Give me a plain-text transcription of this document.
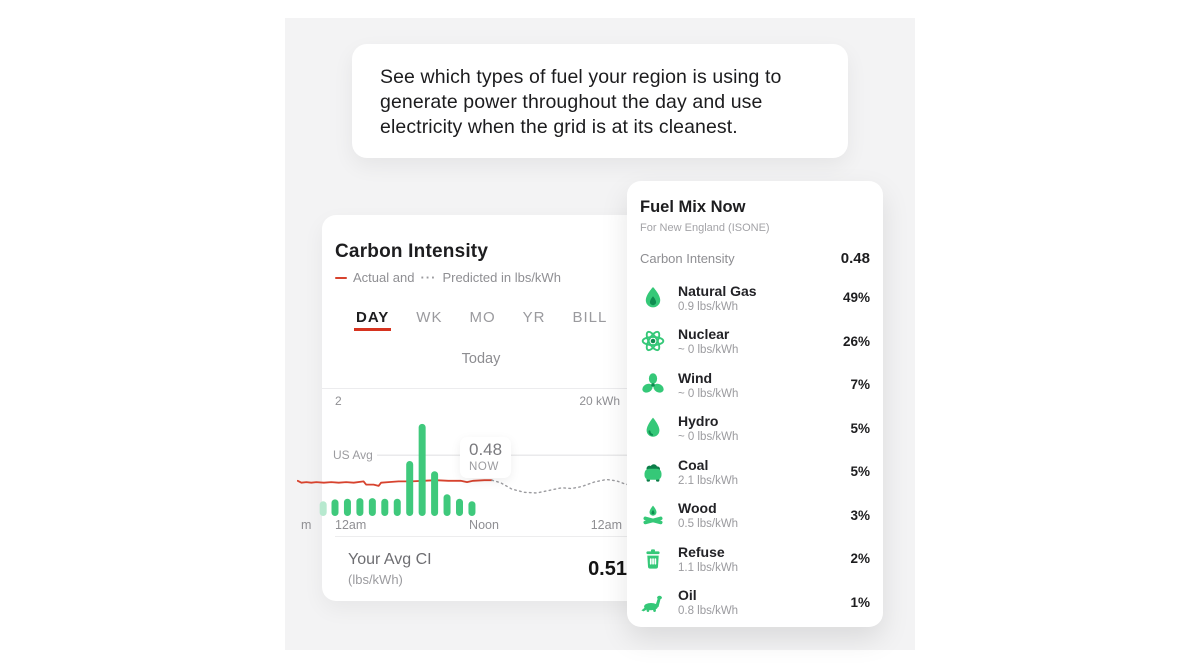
See which types of fuel your region is using to
generate power throughout the day and use
electricity when the grid is at its cleanest.

Carbon Intensity
Actual and ··· Predicted in lbs/kWh
DAY WK MO YR BILL
Today
2	20 kWh
US Avg	0.48
NOW
m 12am	Noon	12am
Your Avg CI
(lbs/kWh)	0.51
Fuel Mix Now
For New England (ISONE)
Carbon Intensity	0.48
Natural Gas
0.9 lbs/kWh
49%
Nuclear
~ 0 lbs/kWh
26%
Wind
~ 0 lbs/kWh
7%
Hydro
~ 0 lbs/kWh
5%
Coal
2.1 lbs/kWh
5%
Wood
0.5 lbs/kWh
3%
Refuse
1.1 lbs/kWh
2%
Oil
0.8 lbs/kWh
1%
